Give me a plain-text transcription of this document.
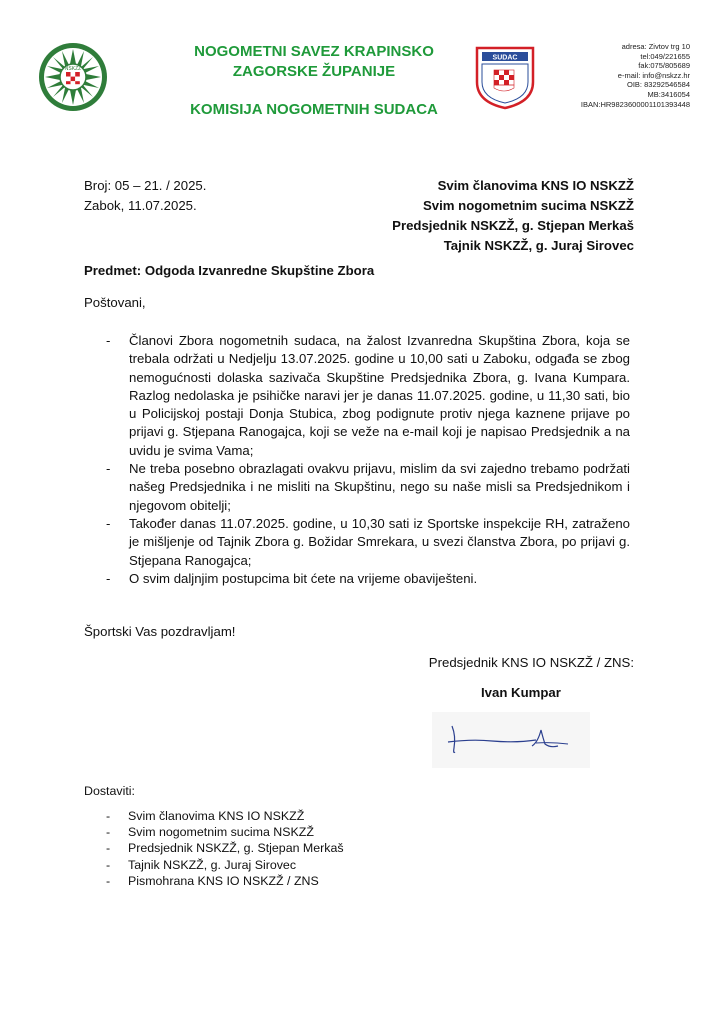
NSKZŽ
NOGOMETNI SAVEZ KRAPINSKO
ZAGORSKE ŽUPANIJE
KOMISIJA NOGOMETNIH SUDACA
SUDAC
adresa: Zivtov trg 10
tel:049/221655
fak:075/805689
e-mail: info@nskzz.hr
OIB: 83292546584
MB:3416054
IBAN:HR9823600001101393448
Broj: 05 – 21. / 2025.
Zabok, 11.07.2025.
Svim članovima KNS IO NSKZŽ
Svim nogometnim sucima NSKZŽ
Predsjednik NSKZŽ, g. Stjepan Merkaš
Tajnik NSKZŽ, g. Juraj Sirovec
Predmet: Odgoda Izvanredne Skupštine Zbora
Poštovani,
- Članovi Zbora nogometnih sudaca, na žalost Izvanredna Skupština Zbora, koja se trebala održati u Nedjelju 13.07.2025. godine u 10,00 sati u Zaboku, odgađa se zbog nemogućnosti dolaska sazivača Skupštine Predsjednika Zbora, g. Ivana Kumpara. Razlog nedolaska je psihičke naravi jer je danas 11.07.2025. godine, u 11,30 sati, bio u Policijskoj postaji Donja Stubica, zbog podignute protiv njega kaznene prijave po prijavi g. Stjepana Ranogajca, koji se veže na e-mail koji je napisao Predsjednik a na uvidu je svima Vama;
- Ne treba posebno obrazlagati ovakvu prijavu, mislim da svi zajedno trebamo podržati našeg Predsjednika i ne misliti na Skupštinu, nego su naše misli sa Predsjednikom i njegovom obitelji;
- Također danas 11.07.2025. godine, u 10,30 sati iz Sportske inspekcije RH, zatraženo je mišljenje od Tajnik Zbora g. Božidar Smrekara, u svezi članstva Zbora, po prijavi g. Stjepana Ranogajca;
- O svim daljnjim postupcima bit ćete na vrijeme obaviješteni.
Športski Vas pozdravljam!
Predsjednik KNS IO NSKZŽ / ZNS:
Ivan Kumpar
Dostaviti:
- Svim članovima KNS IO NSKZŽ
- Svim nogometnim sucima NSKZŽ
- Predsjednik NSKZŽ, g. Stjepan Merkaš
- Tajnik NSKZŽ, g. Juraj Sirovec
- Pismohrana KNS IO NSKZŽ / ZNS
